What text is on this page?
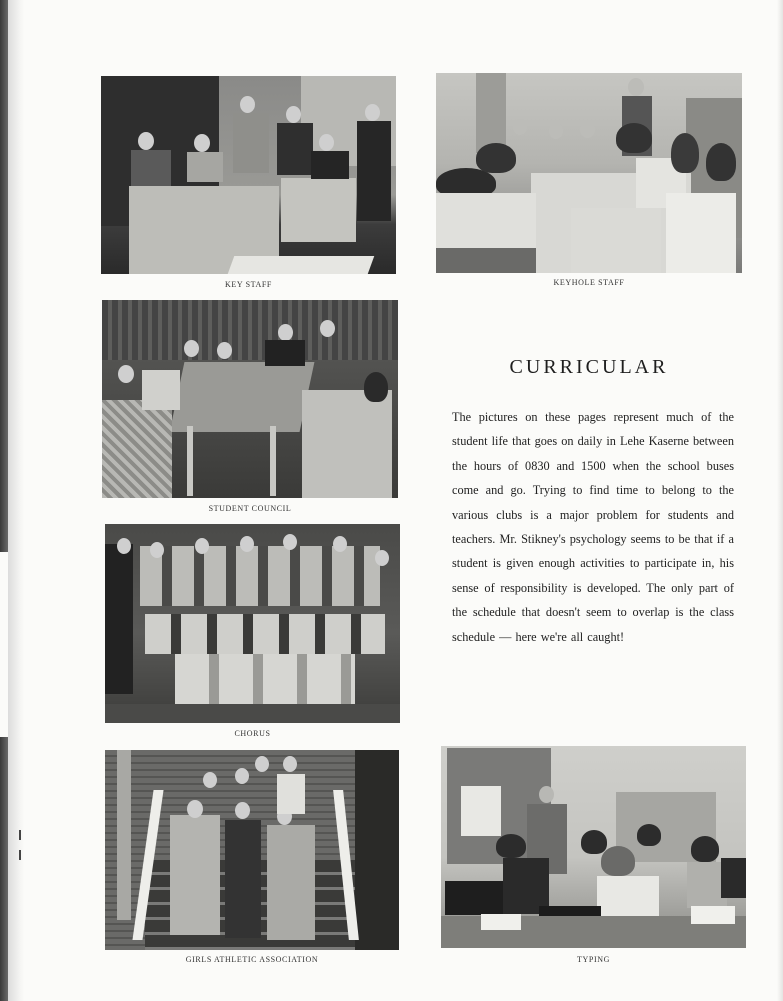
KEY STAFF	KEYHOLE STAFF
STUDENT COUNCIL
CHORUS
GIRLS ATHLETIC ASSOCIATION	TYPING
CURRICULAR
The pictures on these pages represent much of the student life that goes on daily in Lehe Kaserne between the hours of 0830 and 1500 when the school buses come and go. Trying to find time to belong to the various clubs is a major problem for students and teachers. Mr. Stikney's psychology seems to be that if a student is given enough activities to participate in, his sense of responsibility is developed. The only part of the schedule that doesn't seem to overlap is the class schedule — here we're all caught!
